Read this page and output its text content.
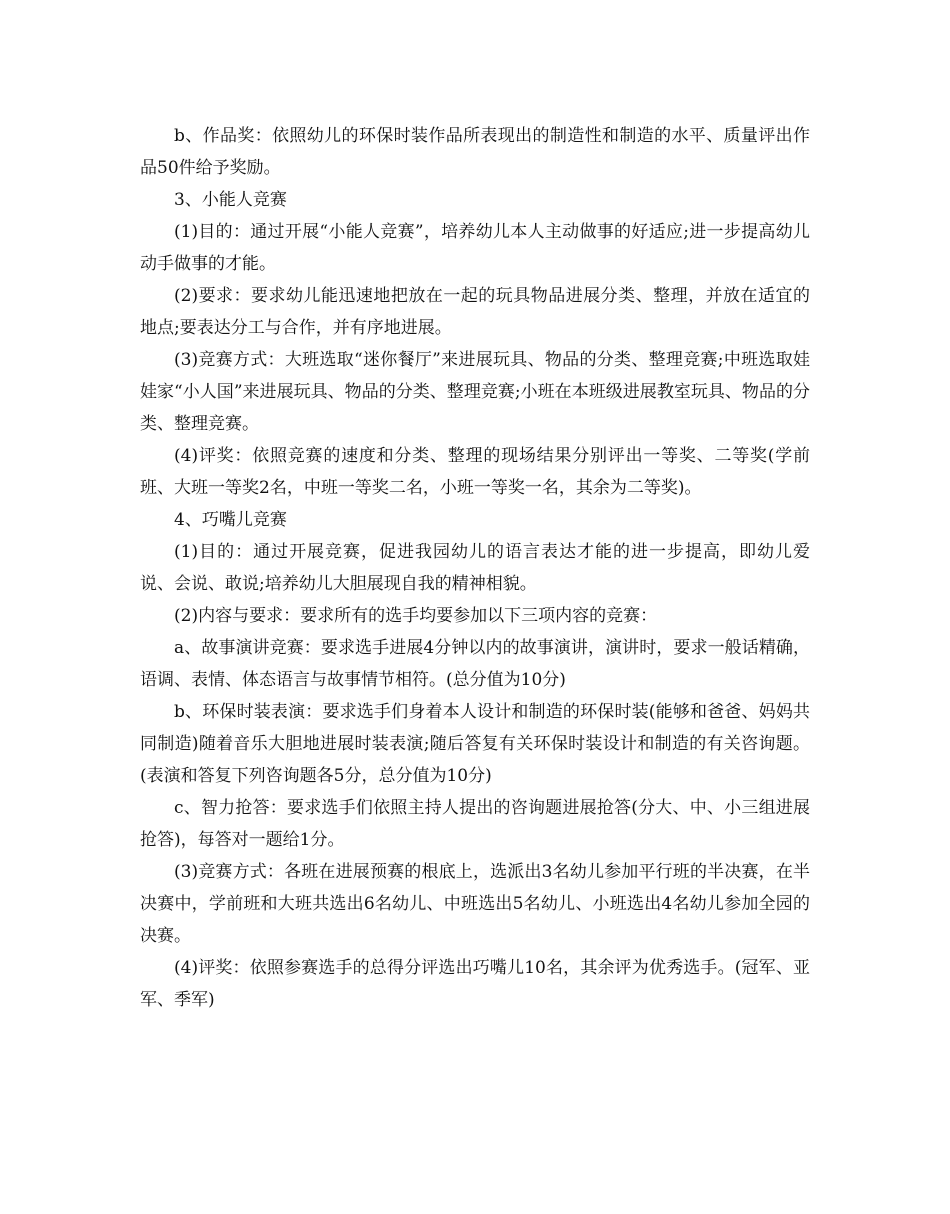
b、作品奖：依照幼儿的环保时装作品所表现出的制造性和制造的水平、质量评出作品50件给予奖励。

3、小能人竞赛

(1)目的：通过开展“小能人竞赛”，培养幼儿本人主动做事的好适应;进一步提高幼儿动手做事的才能。

(2)要求：要求幼儿能迅速地把放在一起的玩具物品进展分类、整理，并放在适宜的地点;要表达分工与合作，并有序地进展。

(3)竞赛方式：大班选取“迷你餐厅”来进展玩具、物品的分类、整理竞赛;中班选取娃娃家“小人国”来进展玩具、物品的分类、整理竞赛;小班在本班级进展教室玩具、物品的分类、整理竞赛。

(4)评奖：依照竞赛的速度和分类、整理的现场结果分别评出一等奖、二等奖(学前班、大班一等奖2名，中班一等奖二名，小班一等奖一名，其余为二等奖)。

4、巧嘴儿竞赛

(1)目的：通过开展竞赛，促进我园幼儿的语言表达才能的进一步提高，即幼儿爱说、会说、敢说;培养幼儿大胆展现自我的精神相貌。

(2)内容与要求：要求所有的选手均要参加以下三项内容的竞赛：

a、故事演讲竞赛：要求选手进展4分钟以内的故事演讲，演讲时，要求一般话精确，语调、表情、体态语言与故事情节相符。(总分值为10分)

b、环保时装表演：要求选手们身着本人设计和制造的环保时装(能够和爸爸、妈妈共同制造)随着音乐大胆地进展时装表演;随后答复有关环保时装设计和制造的有关咨询题。(表演和答复下列咨询题各5分，总分值为10分)

c、智力抢答：要求选手们依照主持人提出的咨询题进展抢答(分大、中、小三组进展抢答)，每答对一题给1分。

(3)竞赛方式：各班在进展预赛的根底上，选派出3名幼儿参加平行班的半决赛，在半决赛中，学前班和大班共选出6名幼儿、中班选出5名幼儿、小班选出4名幼儿参加全园的决赛。

(4)评奖：依照参赛选手的总得分评选出巧嘴儿10名，其余评为优秀选手。(冠军、亚军、季军)
